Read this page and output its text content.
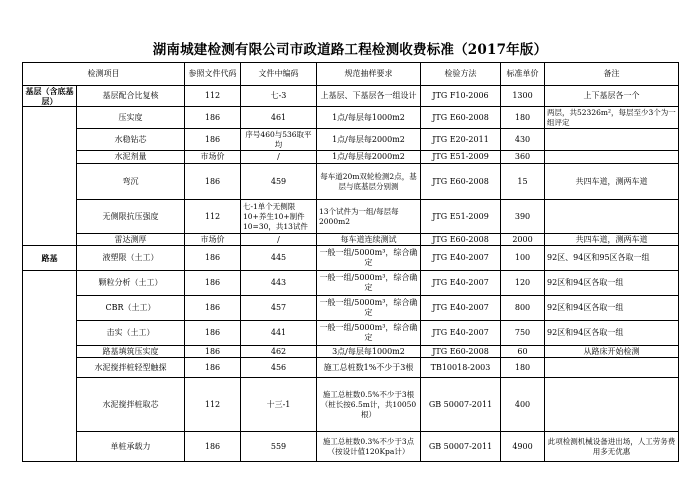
湖南城建检测有限公司市政道路工程检测收费标准（2017年版）
检测项目		参照文件代码	文件中编码	规范抽样要求	检验方法	标准单价	备注
基层（含底基层）	基层配合比复核	112	七-3	上基层、下基层各一组设计	JTG F10-2006	1300	上下基层各一个
	压实度	186	461	1点/每层每1000m2	JTG E60-2008	180	两层，共52326m²，每层至少3个为一组评定
	水稳钻芯	186	序号460与536取平均	1点/每层每2000m2	JTG E20-2011	430	
	水泥剂量	市场价	/	1点/每层每2000m2	JTG E51-2009	360	
	弯沉	186	459	每车道20m双轮检测2点，基层与底基层分别测	JTG E60-2008	15	共四车道，测两车道
	无侧限抗压强度	112	七-1单个无侧限10+养生10+制件10=30，共13试件	13个试件为一组/每层每2000m2	JTG E51-2009	390	
	雷达测厚	市场价	/	每车道连续测试	JTG E60-2008	2000	共四车道，测两车道
路基	液塑限（土工）	186	445	一般一组/5000m³，综合确定	JTG E40-2007	100	92区、94区和95区各取一组
	颗粒分析（土工）	186	443	一般一组/5000m³，综合确定	JTG E40-2007	120	92区和94区各取一组
	CBR（土工）	186	457	一般一组/5000m³，综合确定	JTG E40-2007	800	92区和94区各取一组
	击实（土工）	186	441	一般一组/5000m³，综合确定	JTG E40-2007	750	92区和94区各取一组
	路基填筑压实度	186	462	3点/每层每1000m2	JTG E60-2008	60	从路床开始检测
	水泥搅拌桩轻型触探	186	456	施工总桩数1%不少于3根	TB10018-2003	180	
	水泥搅拌桩取芯	112	十三-1	施工总桩数0.5%不少于3根（桩长按6.5m计，共10050根）	GB 50007-2011	400	
	单桩承载力	186	559	施工总桩数0.3%不少于3点（按设计值120Kpa计）	GB 50007-2011	4900	此项检测机械设备进出场，人工劳务费用多无优惠
